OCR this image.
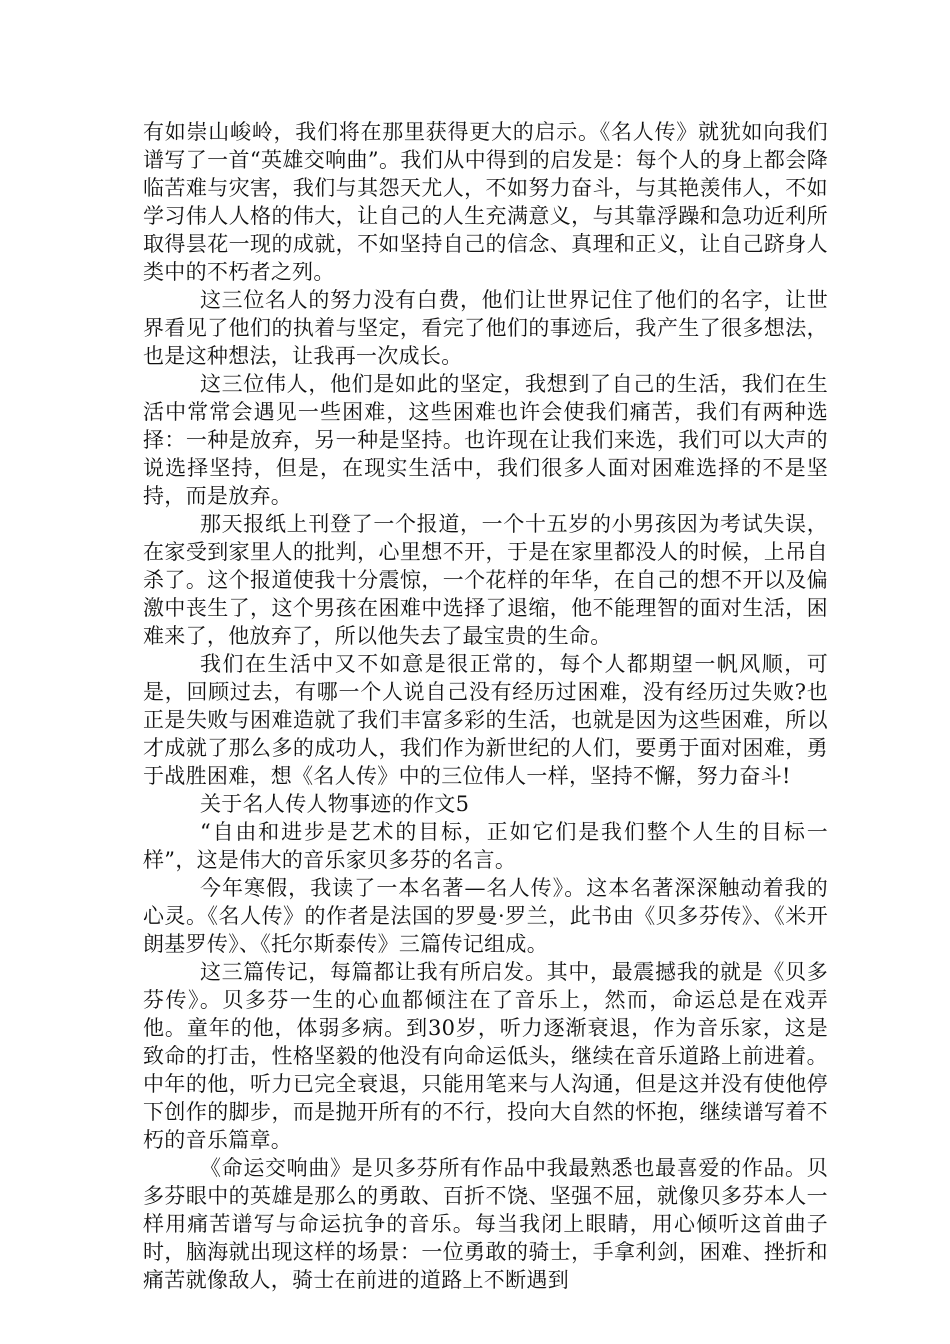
有如崇山峻岭，我们将在那里获得更大的启示。《名人传》就犹如向我们谱写了一首“英雄交响曲”。我们从中得到的启发是：每个人的身上都会降临苦难与灾害，我们与其怨天尤人，不如努力奋斗，与其艳羡伟人，不如学习伟人人格的伟大，让自己的人生充满意义，与其靠浮躁和急功近利所取得昙花一现的成就，不如坚持自己的信念、真理和正义，让自己跻身人类中的不朽者之列。

这三位名人的努力没有白费，他们让世界记住了他们的名字，让世界看见了他们的执着与坚定，看完了他们的事迹后，我产生了很多想法，也是这种想法，让我再一次成长。

这三位伟人，他们是如此的坚定，我想到了自己的生活，我们在生活中常常会遇见一些困难，这些困难也许会使我们痛苦，我们有两种选择：一种是放弃，另一种是坚持。也许现在让我们来选，我们可以大声的说选择坚持，但是，在现实生活中，我们很多人面对困难选择的不是坚持，而是放弃。

那天报纸上刊登了一个报道，一个十五岁的小男孩因为考试失误，在家受到家里人的批判，心里想不开，于是在家里都没人的时候，上吊自杀了。这个报道使我十分震惊，一个花样的年华，在自己的想不开以及偏激中丧生了，这个男孩在困难中选择了退缩，他不能理智的面对生活，困难来了，他放弃了，所以他失去了最宝贵的生命。

我们在生活中又不如意是很正常的，每个人都期望一帆风顺，可是，回顾过去，有哪一个人说自己没有经历过困难，没有经历过失败?也正是失败与困难造就了我们丰富多彩的生活，也就是因为这些困难，所以才成就了那么多的成功人，我们作为新世纪的人们，要勇于面对困难，勇于战胜困难，想《名人传》中的三位伟人一样，坚持不懈，努力奋斗!

关于名人传人物事迹的作文5

“自由和进步是艺术的目标，正如它们是我们整个人生的目标一样”，这是伟大的音乐家贝多芬的名言。

今年寒假，我读了一本名著—名人传》。这本名著深深触动着我的心灵。《名人传》的作者是法国的罗曼·罗兰，此书由《贝多芬传》、《米开朗基罗传》、《托尔斯泰传》三篇传记组成。

这三篇传记，每篇都让我有所启发。其中，最震撼我的就是《贝多芬传》。贝多芬一生的心血都倾注在了音乐上，然而，命运总是在戏弄他。童年的他，体弱多病。到30岁，听力逐渐衰退，作为音乐家，这是致命的打击，性格坚毅的他没有向命运低头，继续在音乐道路上前进着。中年的他，听力已完全衰退，只能用笔来与人沟通，但是这并没有使他停下创作的脚步，而是抛开所有的不行，投向大自然的怀抱，继续谱写着不朽的音乐篇章。

《命运交响曲》是贝多芬所有作品中我最熟悉也最喜爱的作品。贝多芬眼中的英雄是那么的勇敢、百折不饶、坚强不屈，就像贝多芬本人一样用痛苦谱写与命运抗争的音乐。每当我闭上眼睛，用心倾听这首曲子时，脑海就出现这样的场景：一位勇敢的骑士，手拿利剑，困难、挫折和痛苦就像敌人，骑士在前进的道路上不断遇到
